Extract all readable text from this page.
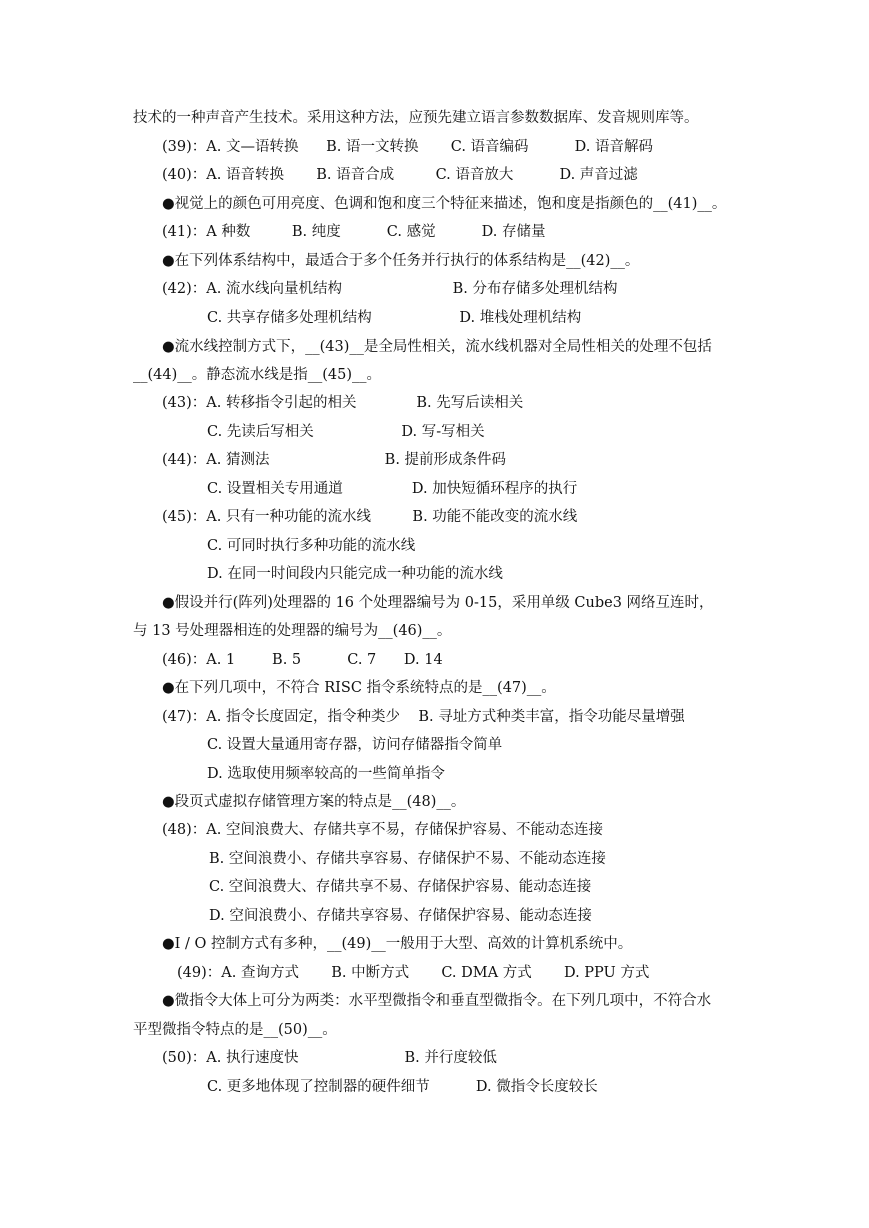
技术的一种声音产生技术。采用这种方法，应预先建立语言参数数据库、发音规则库等。
(39)：A. 文—语转换      B. 语一文转换       C. 语音编码          D. 语音解码
(40)：A. 语音转换       B. 语音合成         C. 语音放大          D. 声音过滤
●视觉上的颜色可用亮度、色调和饱和度三个特征来描述，饱和度是指颜色的__(41)__。
(41)：A 种数         B. 纯度          C. 感觉          D. 存储量
●在下列体系结构中，最适合于多个任务并行执行的体系结构是__(42)__。
(42)：A. 流水线向量机结构                        B. 分布存储多处理机结构
C. 共享存储多处理机结构                   D. 堆栈处理机结构
●流水线控制方式下，__(43)__是全局性相关，流水线机器对全局性相关的处理不包括
__(44)__。静态流水线是指__(45)__。
(43)：A. 转移指令引起的相关             B. 先写后读相关
C. 先读后写相关                   D. 写-写相关
(44)：A. 猜测法                         B. 提前形成条件码
C. 设置相关专用通道               D. 加快短循环程序的执行
(45)：A. 只有一种功能的流水线         B. 功能不能改变的流水线
C. 可同时执行多种功能的流水线
D. 在同一时间段内只能完成一种功能的流水线
●假设并行(阵列)处理器的 16 个处理器编号为 0-15，采用单级 Cube3 网络互连时，
与 13 号处理器相连的处理器的编号为__(46)__。
(46)：A. 1        B. 5          C. 7      D. 14
●在下列几项中，不符合 RISC 指令系统特点的是__(47)__。
(47)：A. 指令长度固定，指令种类少    B. 寻址方式种类丰富，指令功能尽量增强
C. 设置大量通用寄存器，访问存储器指令简单
D. 选取使用频率较高的一些简单指令
●段页式虚拟存储管理方案的特点是__(48)__。
(48)：A. 空间浪费大、存储共享不易，存储保护容易、不能动态连接
B. 空间浪费小、存储共享容易、存储保护不易、不能动态连接
C. 空间浪费大、存储共享不易、存储保护容易、能动态连接
D. 空间浪费小、存储共享容易、存储保护容易、能动态连接
●I / O 控制方式有多种，__(49)__一般用于大型、高效的计算机系统中。
(49)：A. 查询方式       B. 中断方式       C. DMA 方式       D. PPU 方式
●微指令大体上可分为两类：水平型微指令和垂直型微指令。在下列几项中，不符合水
平型微指令特点的是__(50)__。
(50)：A. 执行速度快                       B. 并行度较低
C. 更多地体现了控制器的硬件细节          D. 微指令长度较长
